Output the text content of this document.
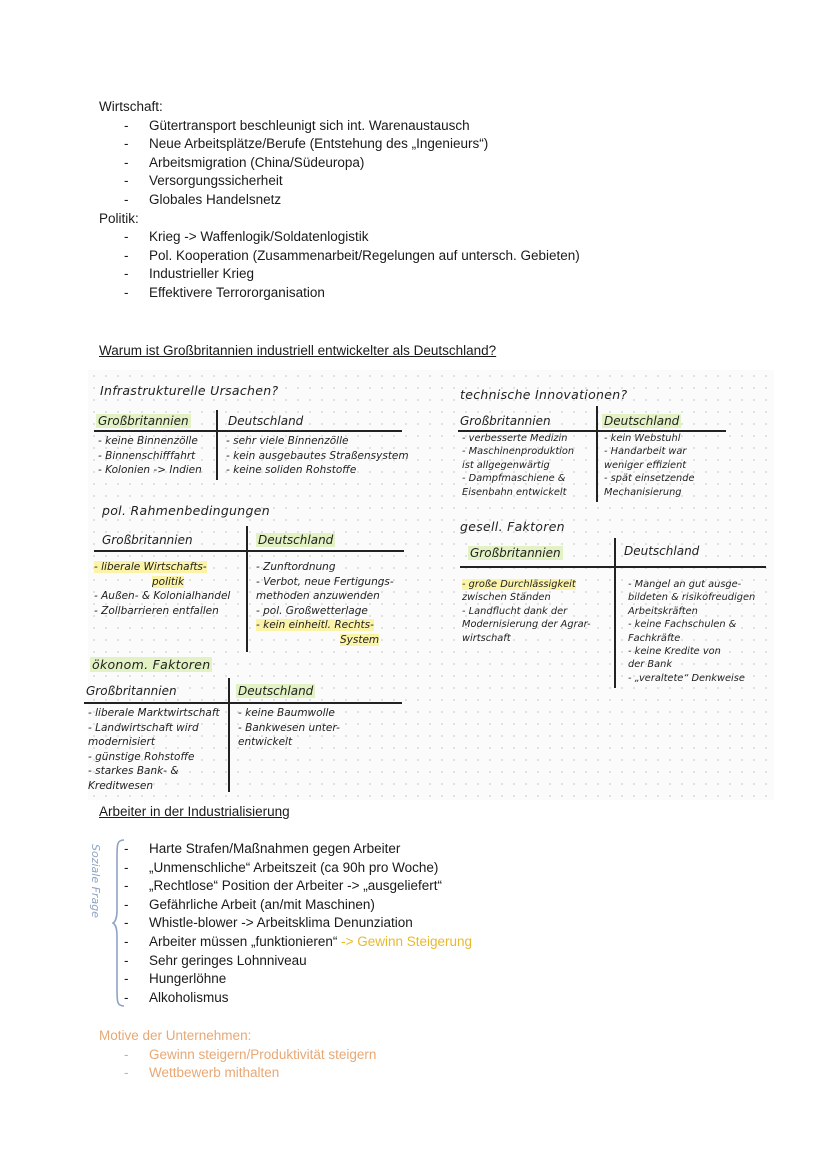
Wirtschaft:
- Gütertransport beschleunigt sich int. Warenaustausch
- Neue Arbeitsplätze/Berufe (Entstehung des „Ingenieurs“)
- Arbeitsmigration (China/Südeuropa)
- Versorgungssicherheit
- Globales Handelsnetz
Politik:
- Krieg -> Waffenlogik/Soldatenlogistik
- Pol. Kooperation (Zusammenarbeit/Regelungen auf untersch. Gebieten)
- Industrieller Krieg
- Effektivere Terrororganisation
Warum ist Großbritannien industriell entwickelter als Deutschland?
Infrastrukturelle Ursachen?
Großbritannien	Deutschland
- keine Binnenzölle
- Binnenschifffahrt
- Kolonien -> Indien
- sehr viele Binnenzölle
- kein ausgebautes Straßensystem
- keine soliden Rohstoffe
pol. Rahmenbedingungen
Großbritannien	Deutschland
- liberale Wirtschafts-
politik
- Außen- & Kolonialhandel
- Zollbarrieren entfallen
- Zunftordnung
- Verbot, neue Fertigungs-
methoden anzuwenden
- pol. Großwetterlage
- kein einheitl. Rechts-
System
ökonom. Faktoren
Großbritannien	Deutschland
- liberale Marktwirtschaft
- Landwirtschaft wird
modernisiert
- günstige Rohstoffe
- starkes Bank- &
Kreditwesen
- keine Baumwolle
- Bankwesen unter-
entwickelt
technische Innovationen?
Großbritannien	Deutschland
- verbesserte Medizin
- Maschinenproduktion
ist allgegenwärtig
- Dampfmaschiene &
Eisenbahn entwickelt
- kein Webstuhl
- Handarbeit war
weniger effizient
- spät einsetzende
Mechanisierung
gesell. Faktoren
Großbritannien	Deutschland
- große Durchlässigkeit
zwischen Ständen
- Landflucht dank der
Modernisierung der Agrar-
wirtschaft
- Mangel an gut ausge-
bildeten & risikofreudigen
Arbeitskräften
- keine Fachschulen &
Fachkräfte
- keine Kredite von
der Bank
- „veraltete“ Denkweise
Arbeiter in der Industrialisierung
Soziale Frage
-	Harte Strafen/Maßnahmen gegen Arbeiter
- „Unmenschliche“ Arbeitszeit (ca 90h pro Woche)
- „Rechtlose“ Position der Arbeiter -> „ausgeliefert“
- Gefährliche Arbeit (an/mit Maschinen)
- Whistle-blower -> Arbeitsklima Denunziation
- Arbeiter müssen „funktionieren“ -> Gewinn Steigerung
- Sehr geringes Lohnniveau
- Hungerlöhne
- Alkoholismus
Motive der Unternehmen:
- Gewinn steigern/Produktivität steigern
- Wettbewerb mithalten
